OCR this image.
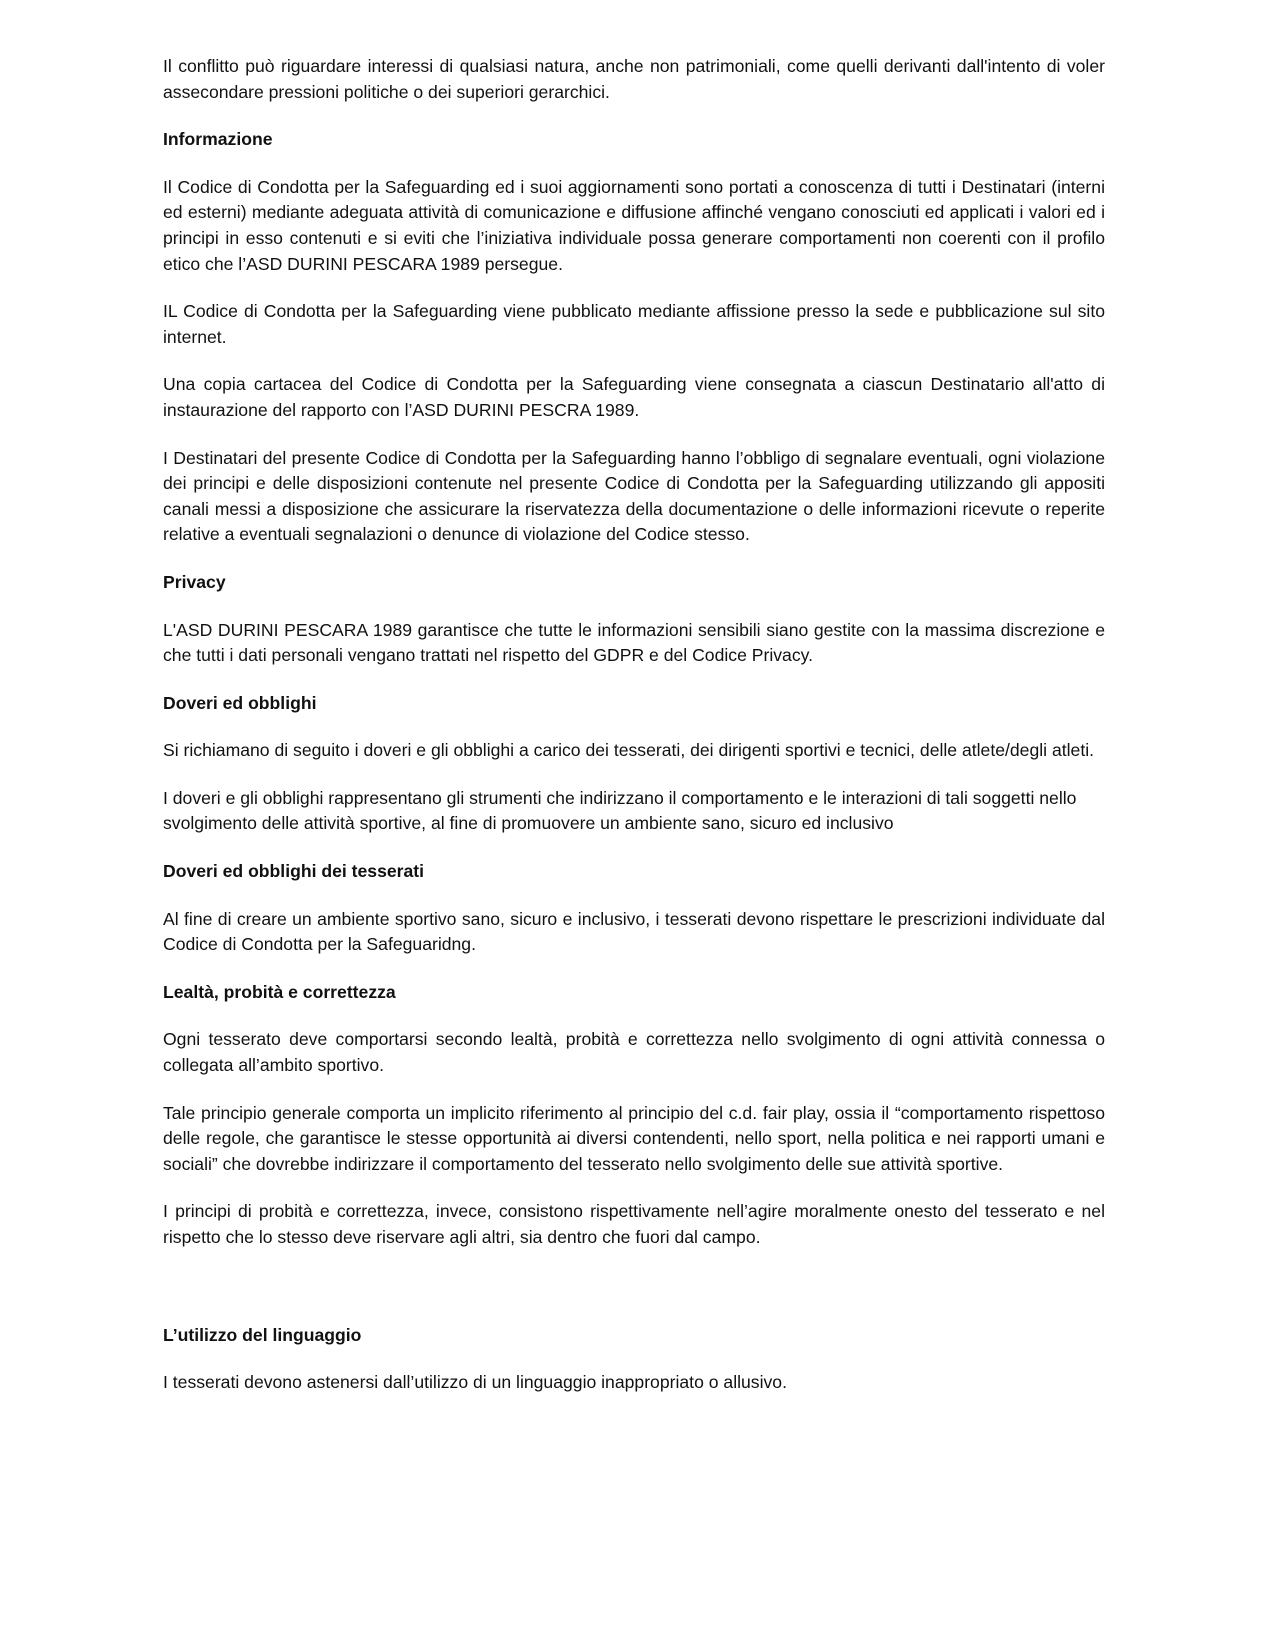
Il conflitto può riguardare interessi di qualsiasi natura, anche non patrimoniali, come quelli derivanti dall'intento di voler assecondare pressioni politiche o dei superiori gerarchici.

Informazione

Il Codice di Condotta per la Safeguarding ed i suoi aggiornamenti sono portati a conoscenza di tutti i Destinatari (interni ed esterni) mediante adeguata attività di comunicazione e diffusione affinché vengano conosciuti ed applicati i valori ed i principi in esso contenuti e si eviti che l’iniziativa individuale possa generare comportamenti non coerenti con il profilo etico che l’ASD DURINI PESCARA 1989 persegue.

IL Codice di Condotta per la Safeguarding viene pubblicato mediante affissione presso la sede e pubblicazione sul sito internet.

Una copia cartacea del Codice di Condotta per la Safeguarding viene consegnata a ciascun Destinatario all'atto di instaurazione del rapporto con l’ASD DURINI PESCRA 1989.

I Destinatari del presente Codice di Condotta per la Safeguarding hanno l’obbligo di segnalare eventuali, ogni violazione dei principi e delle disposizioni contenute nel presente Codice di Condotta per la Safeguarding utilizzando gli appositi canali messi a disposizione che assicurare la riservatezza della documentazione o delle informazioni ricevute o reperite relative a eventuali segnalazioni o denunce di violazione del Codice stesso.

Privacy

L'ASD DURINI PESCARA 1989 garantisce che tutte le informazioni sensibili siano gestite con la massima discrezione e che tutti i dati personali vengano trattati nel rispetto del GDPR e del Codice Privacy.

Doveri ed obblighi

Si richiamano di seguito i doveri e gli obblighi a carico dei tesserati, dei dirigenti sportivi e tecnici, delle atlete/degli atleti.

I doveri e gli obblighi rappresentano gli strumenti che indirizzano il comportamento e le interazioni di tali soggetti nello svolgimento delle attività sportive, al fine di promuovere un ambiente sano, sicuro ed inclusivo

Doveri ed obblighi dei tesserati

Al fine di creare un ambiente sportivo sano, sicuro e inclusivo, i tesserati devono rispettare le prescrizioni individuate dal Codice di Condotta per la Safeguaridng.

Lealtà, probità e correttezza

Ogni tesserato deve comportarsi secondo lealtà, probità e correttezza nello svolgimento di ogni attività connessa o collegata all’ambito sportivo.

Tale principio generale comporta un implicito riferimento al principio del c.d. fair play, ossia il “comportamento rispettoso delle regole, che garantisce le stesse opportunità ai diversi contendenti, nello sport, nella politica e nei rapporti umani e sociali” che dovrebbe indirizzare il comportamento del tesserato nello svolgimento delle sue attività sportive.

I principi di probità e correttezza, invece, consistono rispettivamente nell’agire moralmente onesto del tesserato e nel rispetto che lo stesso deve riservare agli altri, sia dentro che fuori dal campo.

L’utilizzo del linguaggio

I tesserati devono astenersi dall’utilizzo di un linguaggio inappropriato o allusivo.
